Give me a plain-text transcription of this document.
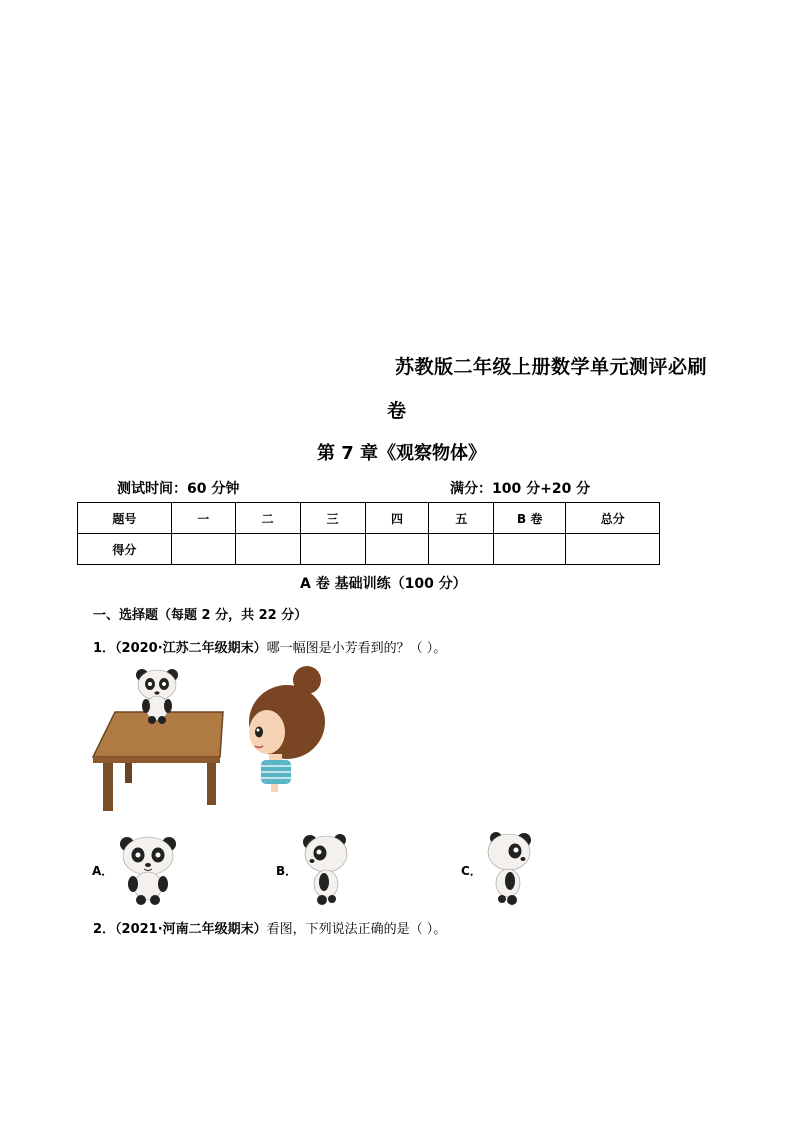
苏教版二年级上册数学单元测评必刷
卷
第 7 章《观察物体》
测试时间：60 分钟	满分：100 分+20 分
题号	一	二	三	四	五	B 卷	总分
得分							
A 卷 基础训练（100 分）
一、选择题（每题 2 分，共 22 分）
1．（2020·江苏二年级期末）哪一幅图是小芳看到的？（ ）。
A．	B．	C．
2．（2021·河南二年级期末）看图，下列说法正确的是（ ）。
